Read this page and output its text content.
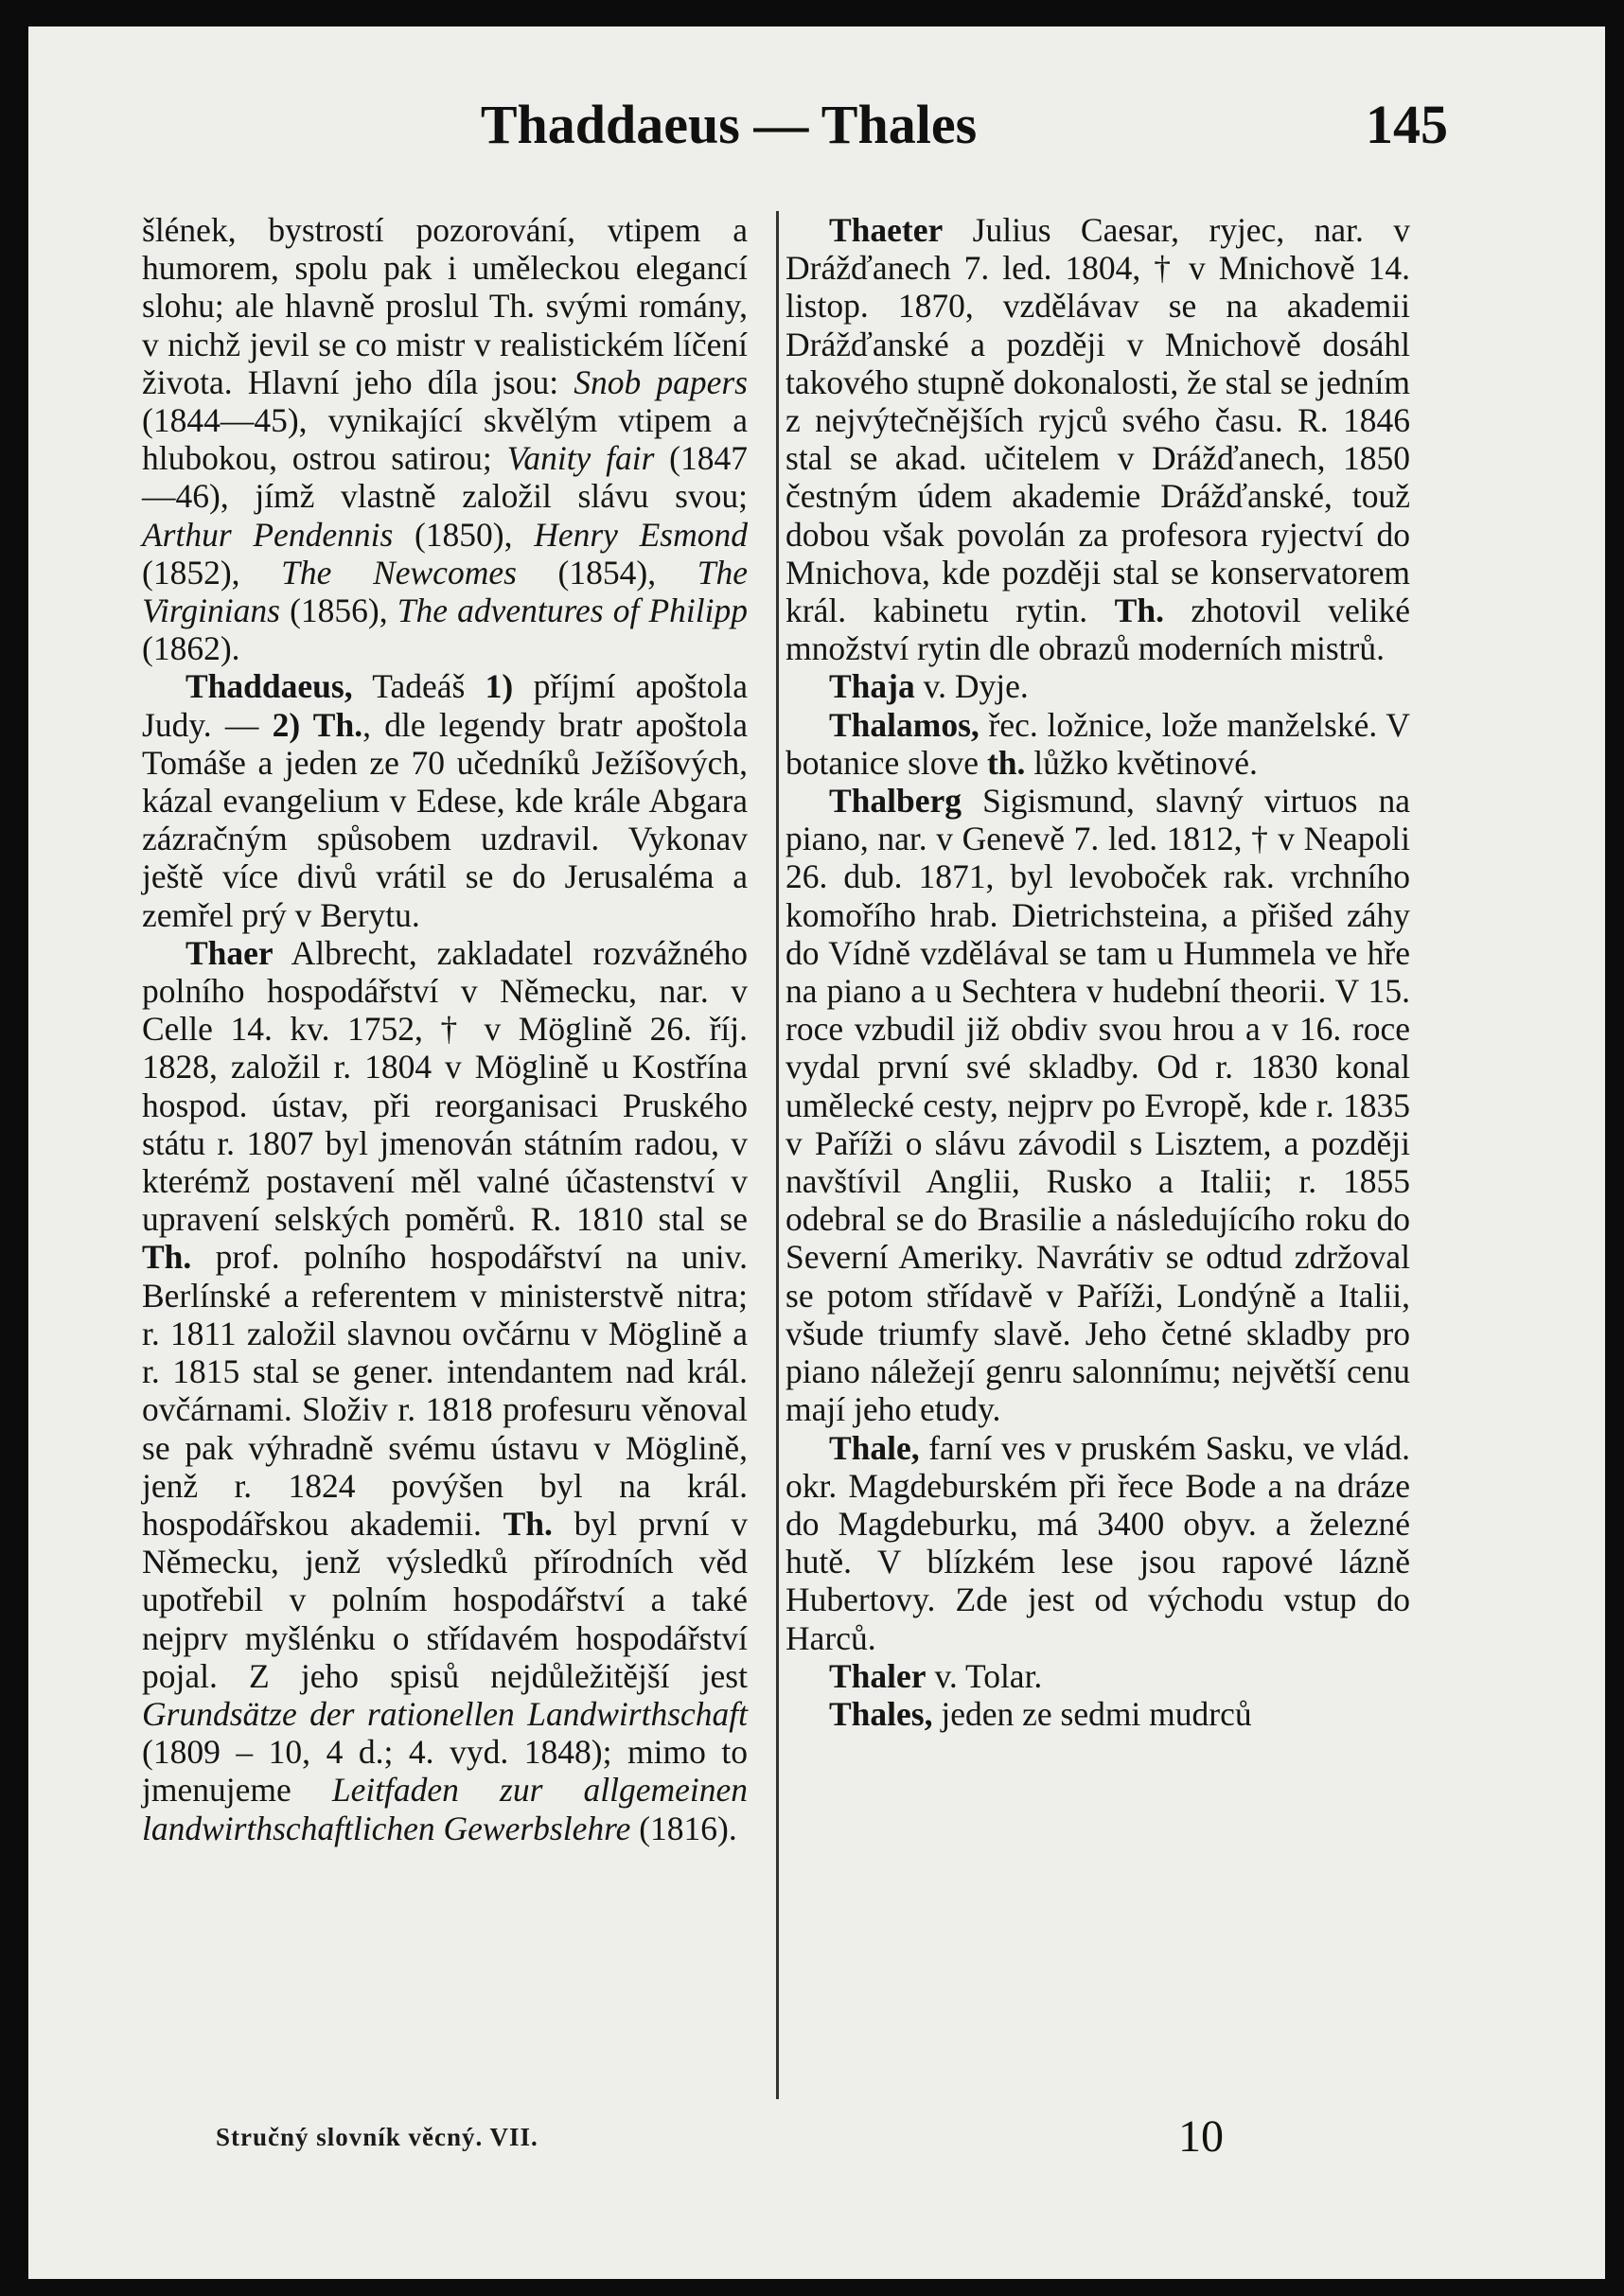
Thaddaeus — Thales	145

šlének, bystrostí pozorování, vtipem a humorem, spolu pak i uměleckou elegancí slohu; ale hlavně proslul Th. svými romány, v nichž jevil se co mistr v realistickém líčení života. Hlavní jeho díla jsou: Snob papers (1844—45), vynikající skvělým vtipem a hlubokou, ostrou satirou; Vanity fair (1847—46), jímž vlastně založil slávu svou; Arthur Pendennis (1850), Henry Esmond (1852), The Newcomes (1854), The Virginians (1856), The adventures of Philipp (1862).

Thaddaeus, Tadeáš 1) příjmí apoštola Judy. — 2) Th., dle legendy bratr apoštola Tomáše a jeden ze 70 učedníků Ježíšových, kázal evangelium v Edese, kde krále Abgara zázračným spůsobem uzdravil. Vykonav ještě více divů vrátil se do Jerusaléma a zemřel prý v Berytu.

Thaer Albrecht, zakladatel rozvážného polního hospodářství v Německu, nar. v Celle 14. kv. 1752, † v Möglině 26. říj. 1828, založil r. 1804 v Möglině u Kostřína hospod. ústav, při reorganisaci Pruského státu r. 1807 byl jmenován státním radou, v kterémž postavení měl valné účastenství v upravení selských poměrů. R. 1810 stal se Th. prof. polního hospodářství na univ. Berlínské a referentem v ministerstvě nitra; r. 1811 založil slavnou ovčárnu v Möglině a r. 1815 stal se gener. intendantem nad král. ovčárnami. Složiv r. 1818 profesuru věnoval se pak výhradně svému ústavu v Möglině, jenž r. 1824 povýšen byl na král. hospodářskou akademii. Th. byl první v Německu, jenž výsledků přírodních věd upotřebil v polním hospodářství a také nejprv myšlénku o střídavém hospodářství pojal. Z jeho spisů nejdůležitější jest Grundsätze der rationellen Landwirthschaft (1809 – 10, 4 d.; 4. vyd. 1848); mimo to jmenujeme Leitfaden zur allgemeinen landwirthschaftlichen Gewerbslehre (1816).

Thaeter Julius Caesar, ryjec, nar. v Drážďanech 7. led. 1804, † v Mnichově 14. listop. 1870, vzdělávav se na akademii Drážďanské a později v Mnichově dosáhl takového stupně dokonalosti, že stal se jedním z nejvýtečnějších ryjců svého času. R. 1846 stal se akad. učitelem v Drážďanech, 1850 čestným údem akademie Drážďanské, touž dobou však povolán za profesora ryjectví do Mnichova, kde později stal se konservatorem král. kabinetu rytin. Th. zhotovil veliké množství rytin dle obrazů moderních mistrů.

Thaja v. Dyje.

Thalamos, řec. ložnice, lože manželské. V botanice slove th. lůžko květinové.

Thalberg Sigismund, slavný virtuos na piano, nar. v Genevě 7. led. 1812, † v Neapoli 26. dub. 1871, byl levoboček rak. vrchního komořího hrab. Dietrichsteina, a přišed záhy do Vídně vzdělával se tam u Hummela ve hře na piano a u Sechtera v hudební theorii. V 15. roce vzbudil již obdiv svou hrou a v 16. roce vydal první své skladby. Od r. 1830 konal umělecké cesty, nejprv po Evropě, kde r. 1835 v Paříži o slávu závodil s Lisztem, a později navštívil Anglii, Rusko a Italii; r. 1855 odebral se do Brasilie a následujícího roku do Severní Ameriky. Navrátiv se odtud zdržoval se potom střídavě v Paříži, Londýně a Italii, všude triumfy slavě. Jeho četné skladby pro piano náležejí genru salonnímu; největší cenu mají jeho etudy.

Thale, farní ves v pruském Sasku, ve vlád. okr. Magdeburském při řece Bode a na dráze do Magdeburku, má 3400 obyv. a železné hutě. V blízkém lese jsou rapové lázně Hubertovy. Zde jest od východu vstup do Harců.

Thaler v. Tolar.

Thales, jeden ze sedmi mudrců

Stručný slovník věcný. VII.	10
